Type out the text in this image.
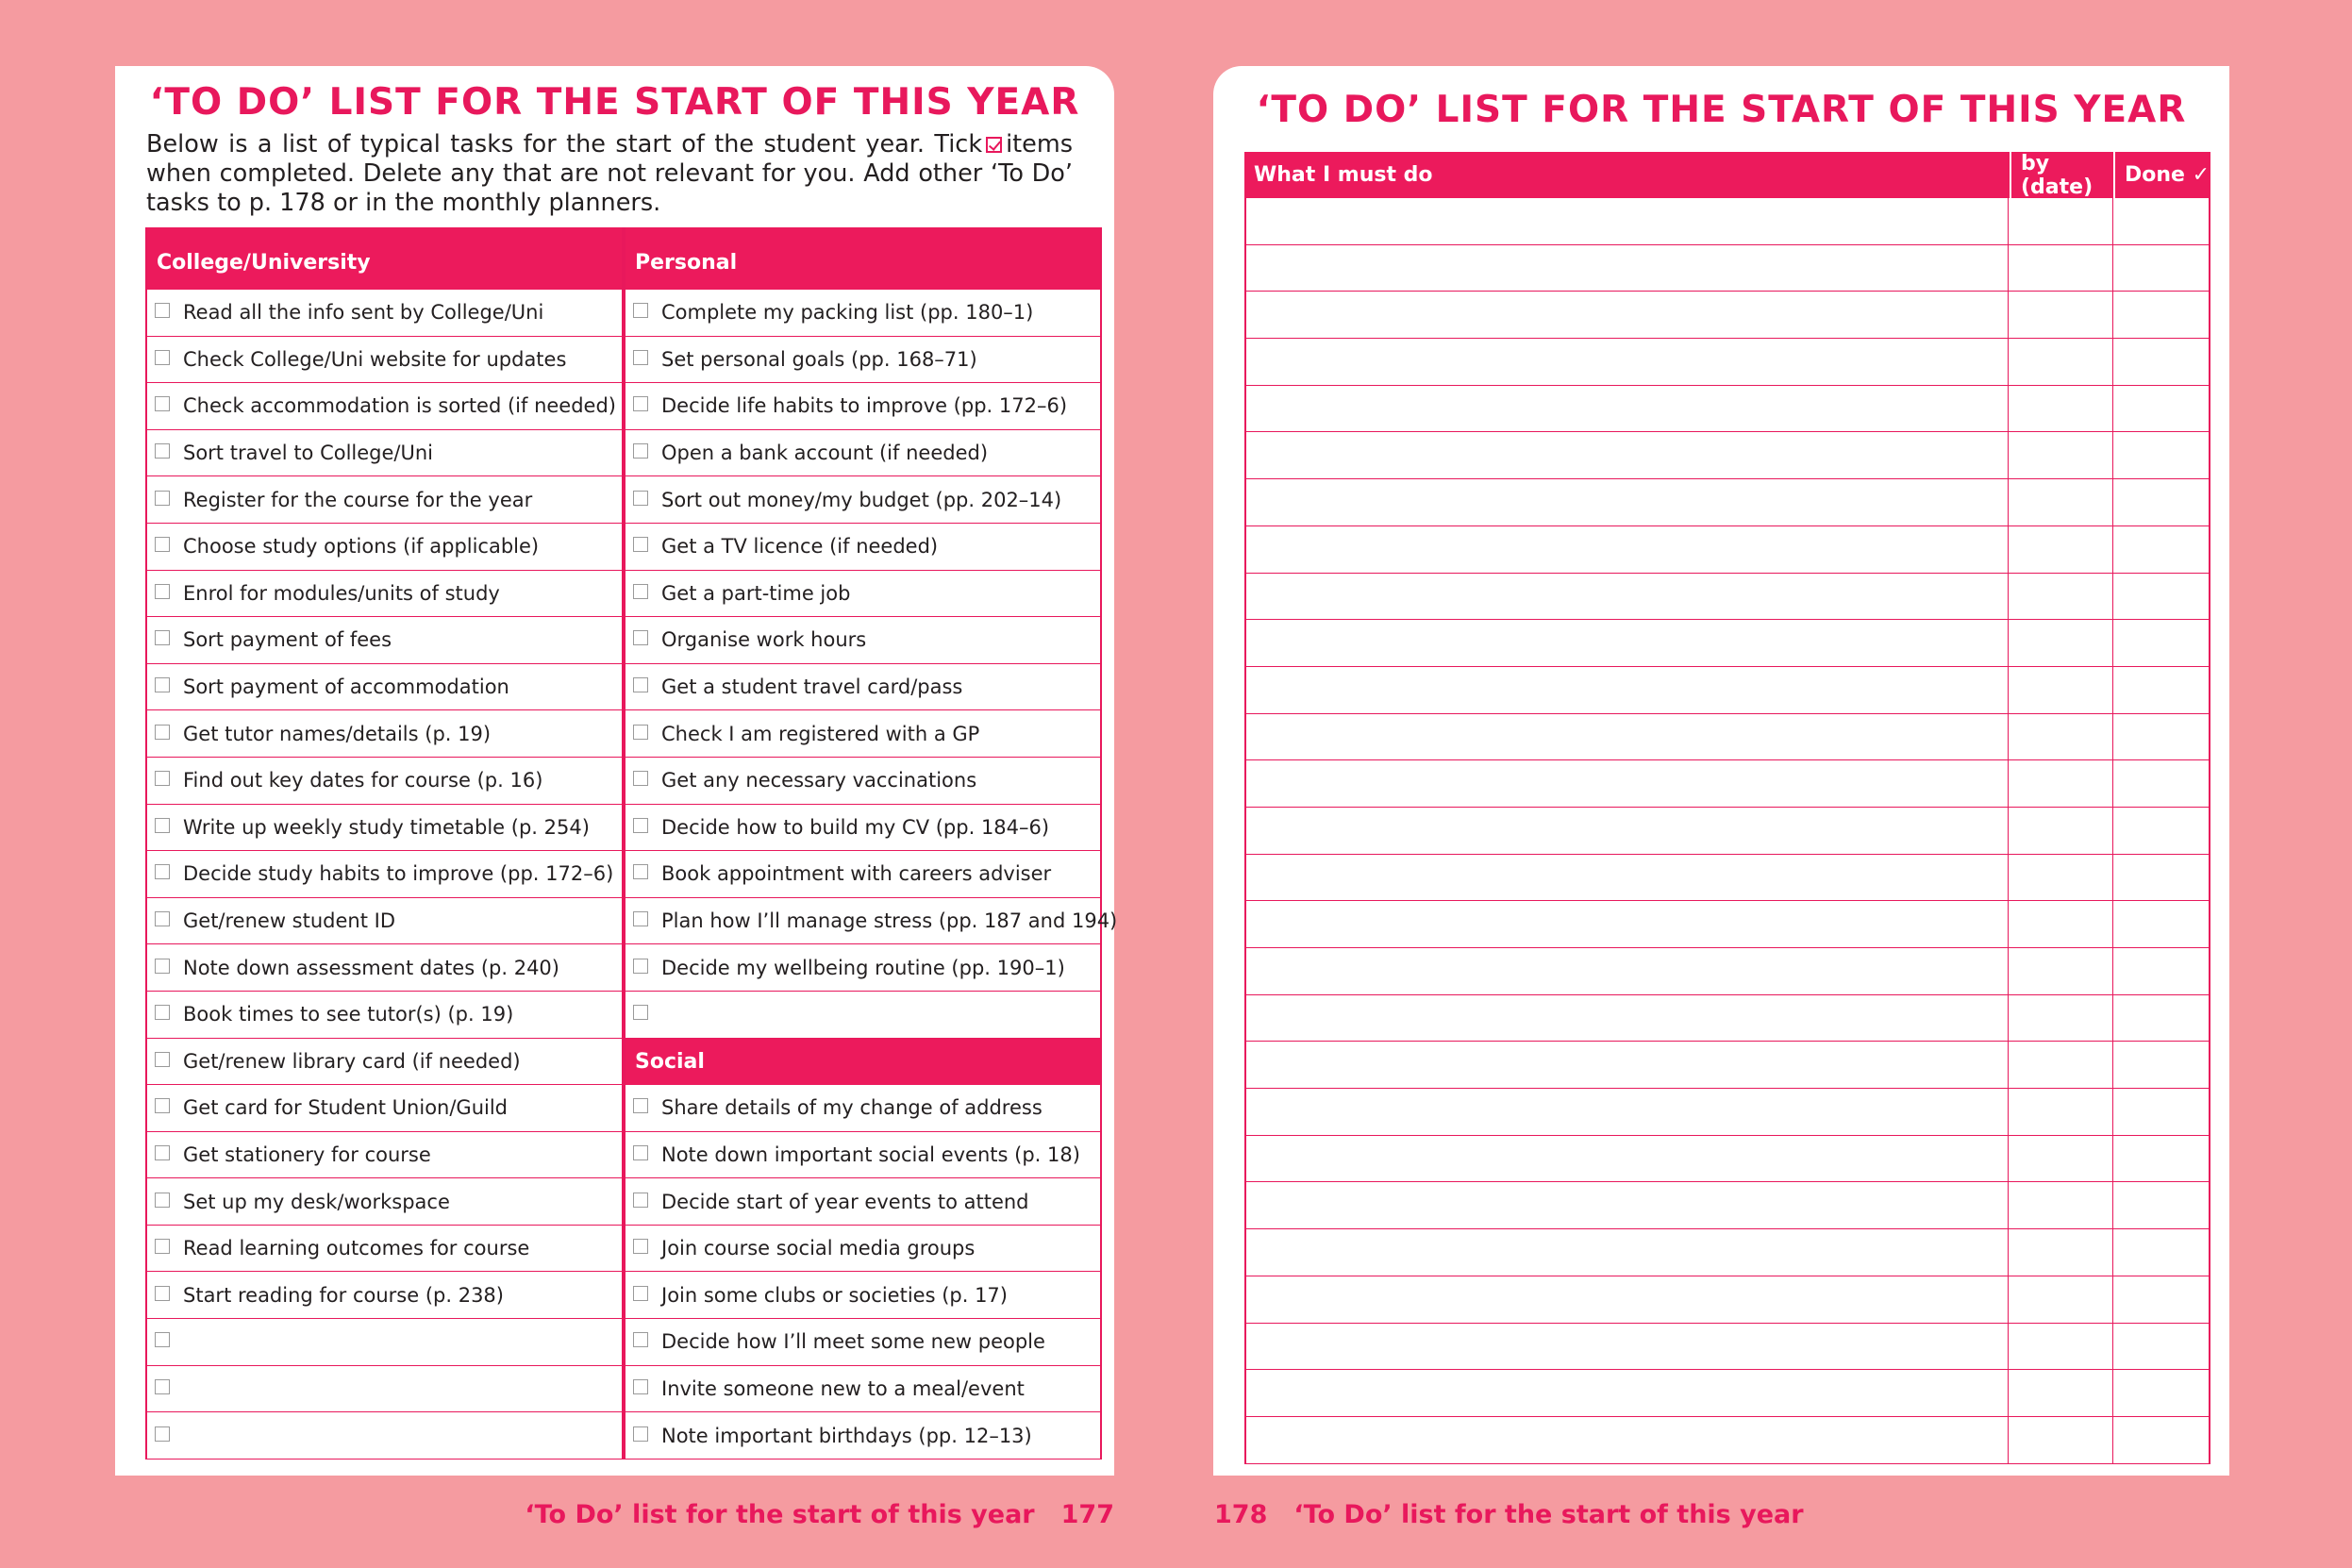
‘TO DO’ LIST FOR THE START OF THIS YEAR
Below is a list of typical tasks for the start of the student year. Tick items when completed. Delete any that are not relevant for you. Add other ‘To Do’ tasks to p. 178 or in the monthly planners.
College/University
Read all the info sent by College/Uni
Check College/Uni website for updates
Check accommodation is sorted (if needed)
Sort travel to College/Uni
Register for the course for the year
Choose study options (if applicable)
Enrol for modules/units of study
Sort payment of fees
Sort payment of accommodation
Get tutor names/details (p. 19)
Find out key dates for course (p. 16)
Write up weekly study timetable (p. 254)
Decide study habits to improve (pp. 172–6)
Get/renew student ID
Note down assessment dates (p. 240)
Book times to see tutor(s) (p. 19)
Get/renew library card (if needed)
Get card for Student Union/Guild
Get stationery for course
Set up my desk/workspace
Read learning outcomes for course
Start reading for course (p. 238)
Personal
Complete my packing list (pp. 180–1)
Set personal goals (pp. 168–71)
Decide life habits to improve (pp. 172–6)
Open a bank account (if needed)
Sort out money/my budget (pp. 202–14)
Get a TV licence (if needed)
Get a part-time job
Organise work hours
Get a student travel card/pass
Check I am registered with a GP
Get any necessary vaccinations
Decide how to build my CV (pp. 184–6)
Book appointment with careers adviser
Plan how I’ll manage stress (pp. 187 and 194)
Decide my wellbeing routine (pp. 190–1)
Social
Share details of my change of address
Note down important social events (p. 18)
Decide start of year events to attend
Join course social media groups
Join some clubs or societies (p. 17)
Decide how I’ll meet some new people
Invite someone new to a meal/event
Note important birthdays (pp. 12–13)
‘TO DO’ LIST FOR THE START OF THIS YEAR
What I must do	by (date)	Done ✓
‘To Do’ list for the start of this year 177	178 ‘To Do’ list for the start of this year
